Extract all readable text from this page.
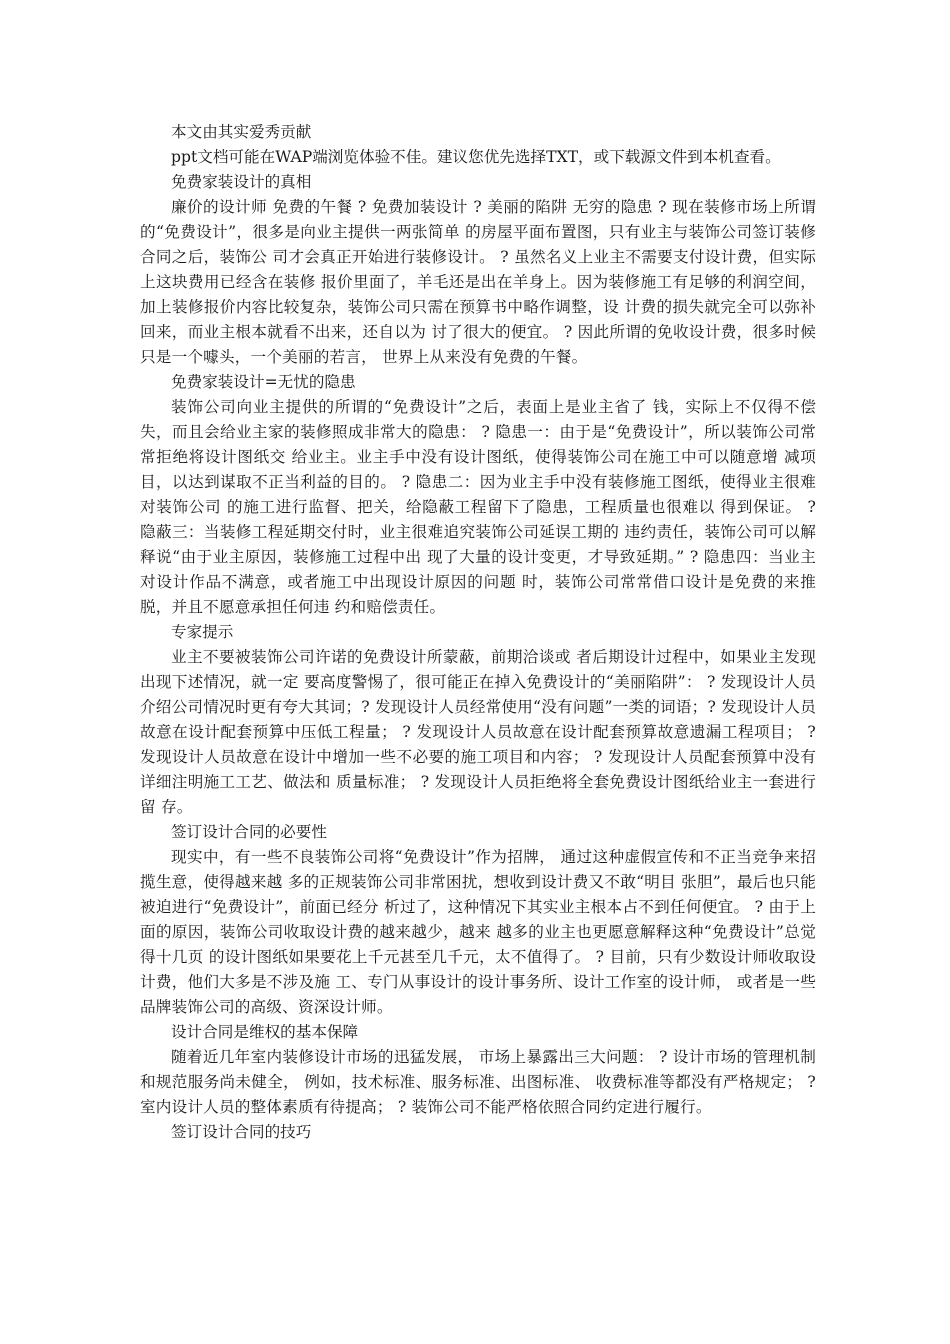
本文由其实爱秀贡献

ppt文档可能在WAP端浏览体验不佳。建议您优先选择TXT，或下载源文件到本机查看。

免费家装设计的真相

廉价的设计师 免费的午餐 ? 免费加装设计 ? 美丽的陷阱 无穷的隐患 ? 现在装修市场上所谓的“免费设计”，很多是向业主提供一两张简单 的房屋平面布置图，只有业主与装饰公司签订装修合同之后，装饰公 司才会真正开始进行装修设计。 ? 虽然名义上业主不需要支付设计费，但实际上这块费用已经含在装修 报价里面了，羊毛还是出在羊身上。因为装修施工有足够的利润空间， 加上装修报价内容比较复杂，装饰公司只需在预算书中略作调整，设 计费的损失就完全可以弥补回来，而业主根本就看不出来，还自以为 讨了很大的便宜。 ? 因此所谓的免收设计费，很多时候只是一个噱头，一个美丽的若言， 世界上从来没有免费的午餐。

免费家装设计=无忧的隐患

装饰公司向业主提供的所谓的“免费设计”之后，表面上是业主省了 钱，实际上不仅得不偿失，而且会给业主家的装修照成非常大的隐患： ? 隐患一：由于是“免费设计”，所以装饰公司常常拒绝将设计图纸交 给业主。业主手中没有设计图纸，使得装饰公司在施工中可以随意增 减项目，以达到谋取不正当利益的目的。 ? 隐患二：因为业主手中没有装修施工图纸，使得业主很难对装饰公司 的施工进行监督、把关，给隐蔽工程留下了隐患，工程质量也很难以 得到保证。 ? 隐蔽三：当装修工程延期交付时，业主很难追究装饰公司延误工期的 违约责任，装饰公司可以解释说“由于业主原因，装修施工过程中出 现了大量的设计变更，才导致延期。” ? 隐患四：当业主对设计作品不满意，或者施工中出现设计原因的问题 时，装饰公司常常借口设计是免费的来推脱，并且不愿意承担任何违 约和赔偿责任。

专家提示

业主不要被装饰公司许诺的免费设计所蒙蔽，前期洽谈或 者后期设计过程中，如果业主发现出现下述情况，就一定 要高度警惕了，很可能正在掉入免费设计的“美丽陷阱”： ? 发现设计人员介绍公司情况时更有夸大其词；? 发现设计人员经常使用“没有问题”一类的词语；? 发现设计人员故意在设计配套预算中压低工程量； ? 发现设计人员故意在设计配套预算故意遗漏工程项目； ? 发现设计人员故意在设计中增加一些不必要的施工项目和内容； ? 发现设计人员配套预算中没有详细注明施工工艺、做法和 质量标准； ? 发现设计人员拒绝将全套免费设计图纸给业主一套进行留 存。

签订设计合同的必要性

现实中，有一些不良装饰公司将“免费设计”作为招牌， 通过这种虚假宣传和不正当竞争来招揽生意，使得越来越 多的正规装饰公司非常困扰，想收到设计费又不敢“明目 张胆”，最后也只能被迫进行“免费设计”，前面已经分 析过了，这种情况下其实业主根本占不到任何便宜。 ? 由于上面的原因，装饰公司收取设计费的越来越少，越来 越多的业主也更愿意解释这种“免费设计”总觉得十几页 的设计图纸如果要花上千元甚至几千元，太不值得了。 ? 目前，只有少数设计师收取设计费，他们大多是不涉及施 工、专门从事设计的设计事务所、设计工作室的设计师， 或者是一些品牌装饰公司的高级、资深设计师。

设计合同是维权的基本保障

随着近几年室内装修设计市场的迅猛发展， 市场上暴露出三大问题： ? 设计市场的管理机制和规范服务尚未健全， 例如，技术标准、服务标准、出图标准、 收费标准等都没有严格规定； ? 室内设计人员的整体素质有待提高； ? 装饰公司不能严格依照合同约定进行履行。

签订设计合同的技巧
